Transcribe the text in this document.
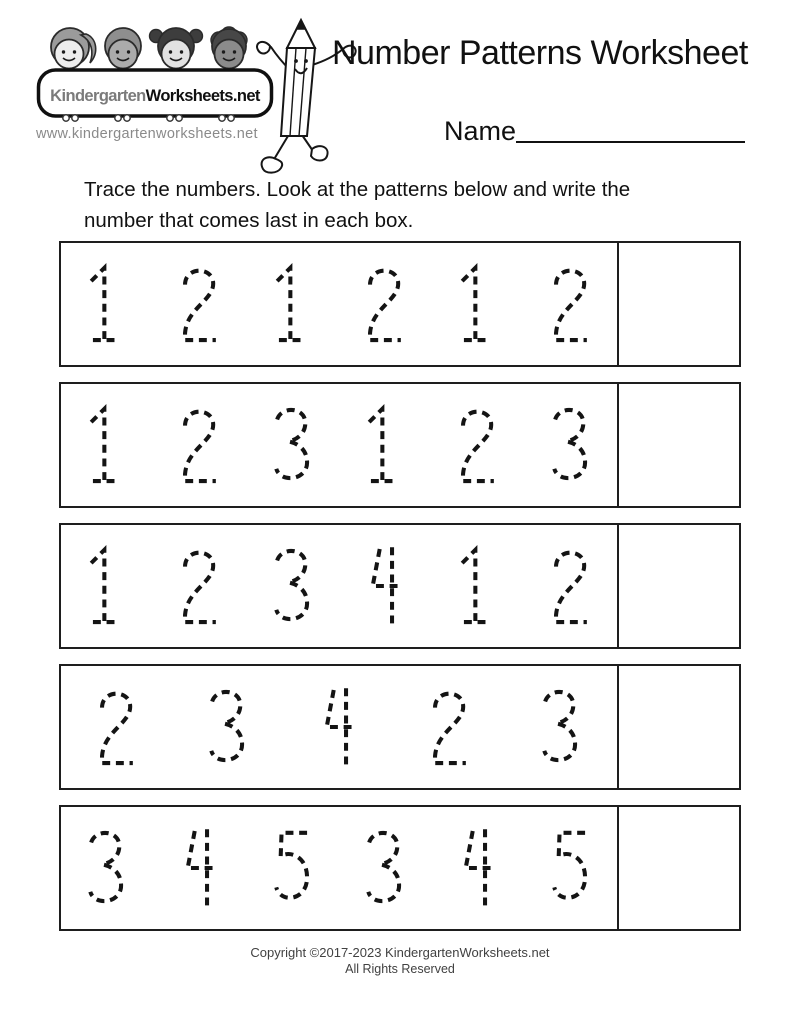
KindergartenWorksheets.net
www.kindergartenworksheets.net
Number Patterns Worksheet
Name
Trace the numbers. Look at the patterns below and write the
number that comes last in each box.
Copyright ©2017-2023 KindergartenWorksheets.net
All Rights Reserved
